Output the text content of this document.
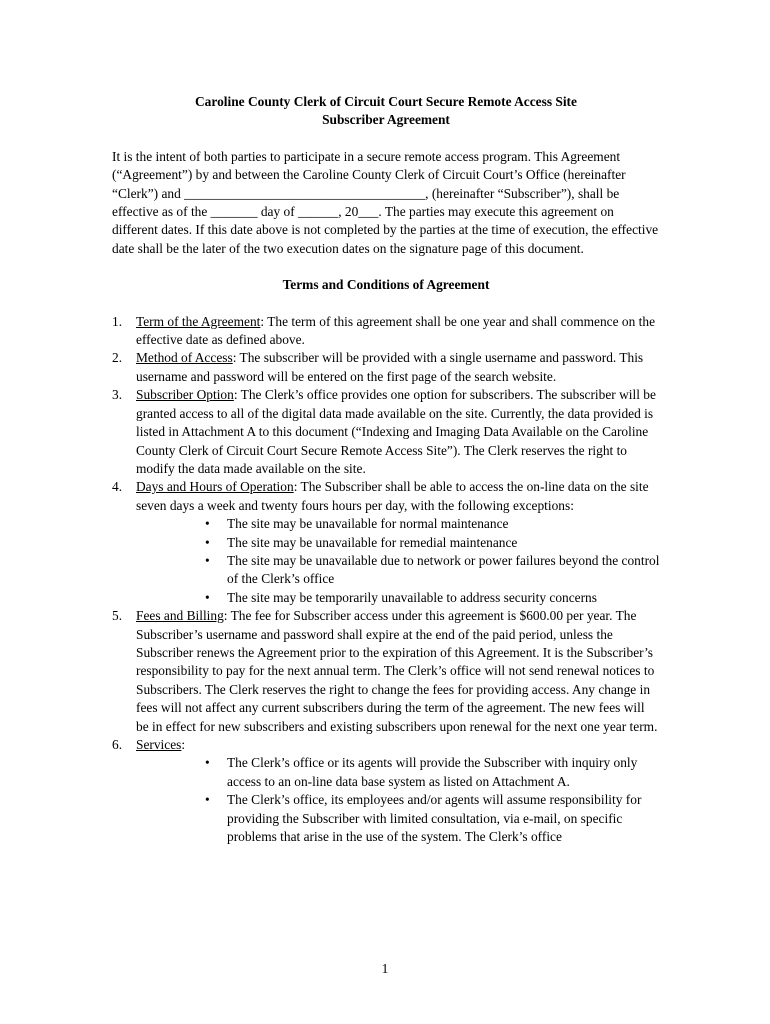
Caroline County Clerk of Circuit Court Secure Remote Access Site
Subscriber Agreement

It is the intent of both parties to participate in a secure remote access program. This Agreement (“Agreement”) by and between the Caroline County Clerk of Circuit Court’s Office (hereinafter “Clerk”) and ____________________________________, (hereinafter “Subscriber”), shall be effective as of the _______ day of ______, 20___. The parties may execute this agreement on different dates. If this date above is not completed by the parties at the time of execution, the effective date shall be the later of the two execution dates on the signature page of this document.

Terms and Conditions of Agreement

1. Term of the Agreement: The term of this agreement shall be one year and shall commence on the effective date as defined above.
2. Method of Access: The subscriber will be provided with a single username and password. This username and password will be entered on the first page of the search website.
3. Subscriber Option: The Clerk’s office provides one option for subscribers. The subscriber will be granted access to all of the digital data made available on the site. Currently, the data provided is listed in Attachment A to this document (“Indexing and Imaging Data Available on the Caroline County Clerk of Circuit Court Secure Remote Access Site”). The Clerk reserves the right to modify the data made available on the site.
4. Days and Hours of Operation: The Subscriber shall be able to access the on-line data on the site seven days a week and twenty fours hours per day, with the following exceptions:
• The site may be unavailable for normal maintenance
• The site may be unavailable for remedial maintenance
• The site may be unavailable due to network or power failures beyond the control of the Clerk’s office
• The site may be temporarily unavailable to address security concerns
5. Fees and Billing: The fee for Subscriber access under this agreement is $600.00 per year. The Subscriber’s username and password shall expire at the end of the paid period, unless the Subscriber renews the Agreement prior to the expiration of this Agreement. It is the Subscriber’s responsibility to pay for the next annual term. The Clerk’s office will not send renewal notices to Subscribers. The Clerk reserves the right to change the fees for providing access. Any change in fees will not affect any current subscribers during the term of the agreement. The new fees will be in effect for new subscribers and existing subscribers upon renewal for the next one year term.
6. Services:
• The Clerk’s office or its agents will provide the Subscriber with inquiry only access to an on-line data base system as listed on Attachment A.
• The Clerk’s office, its employees and/or agents will assume responsibility for providing the Subscriber with limited consultation, via e-mail, on specific problems that arise in the use of the system. The Clerk’s office
1
